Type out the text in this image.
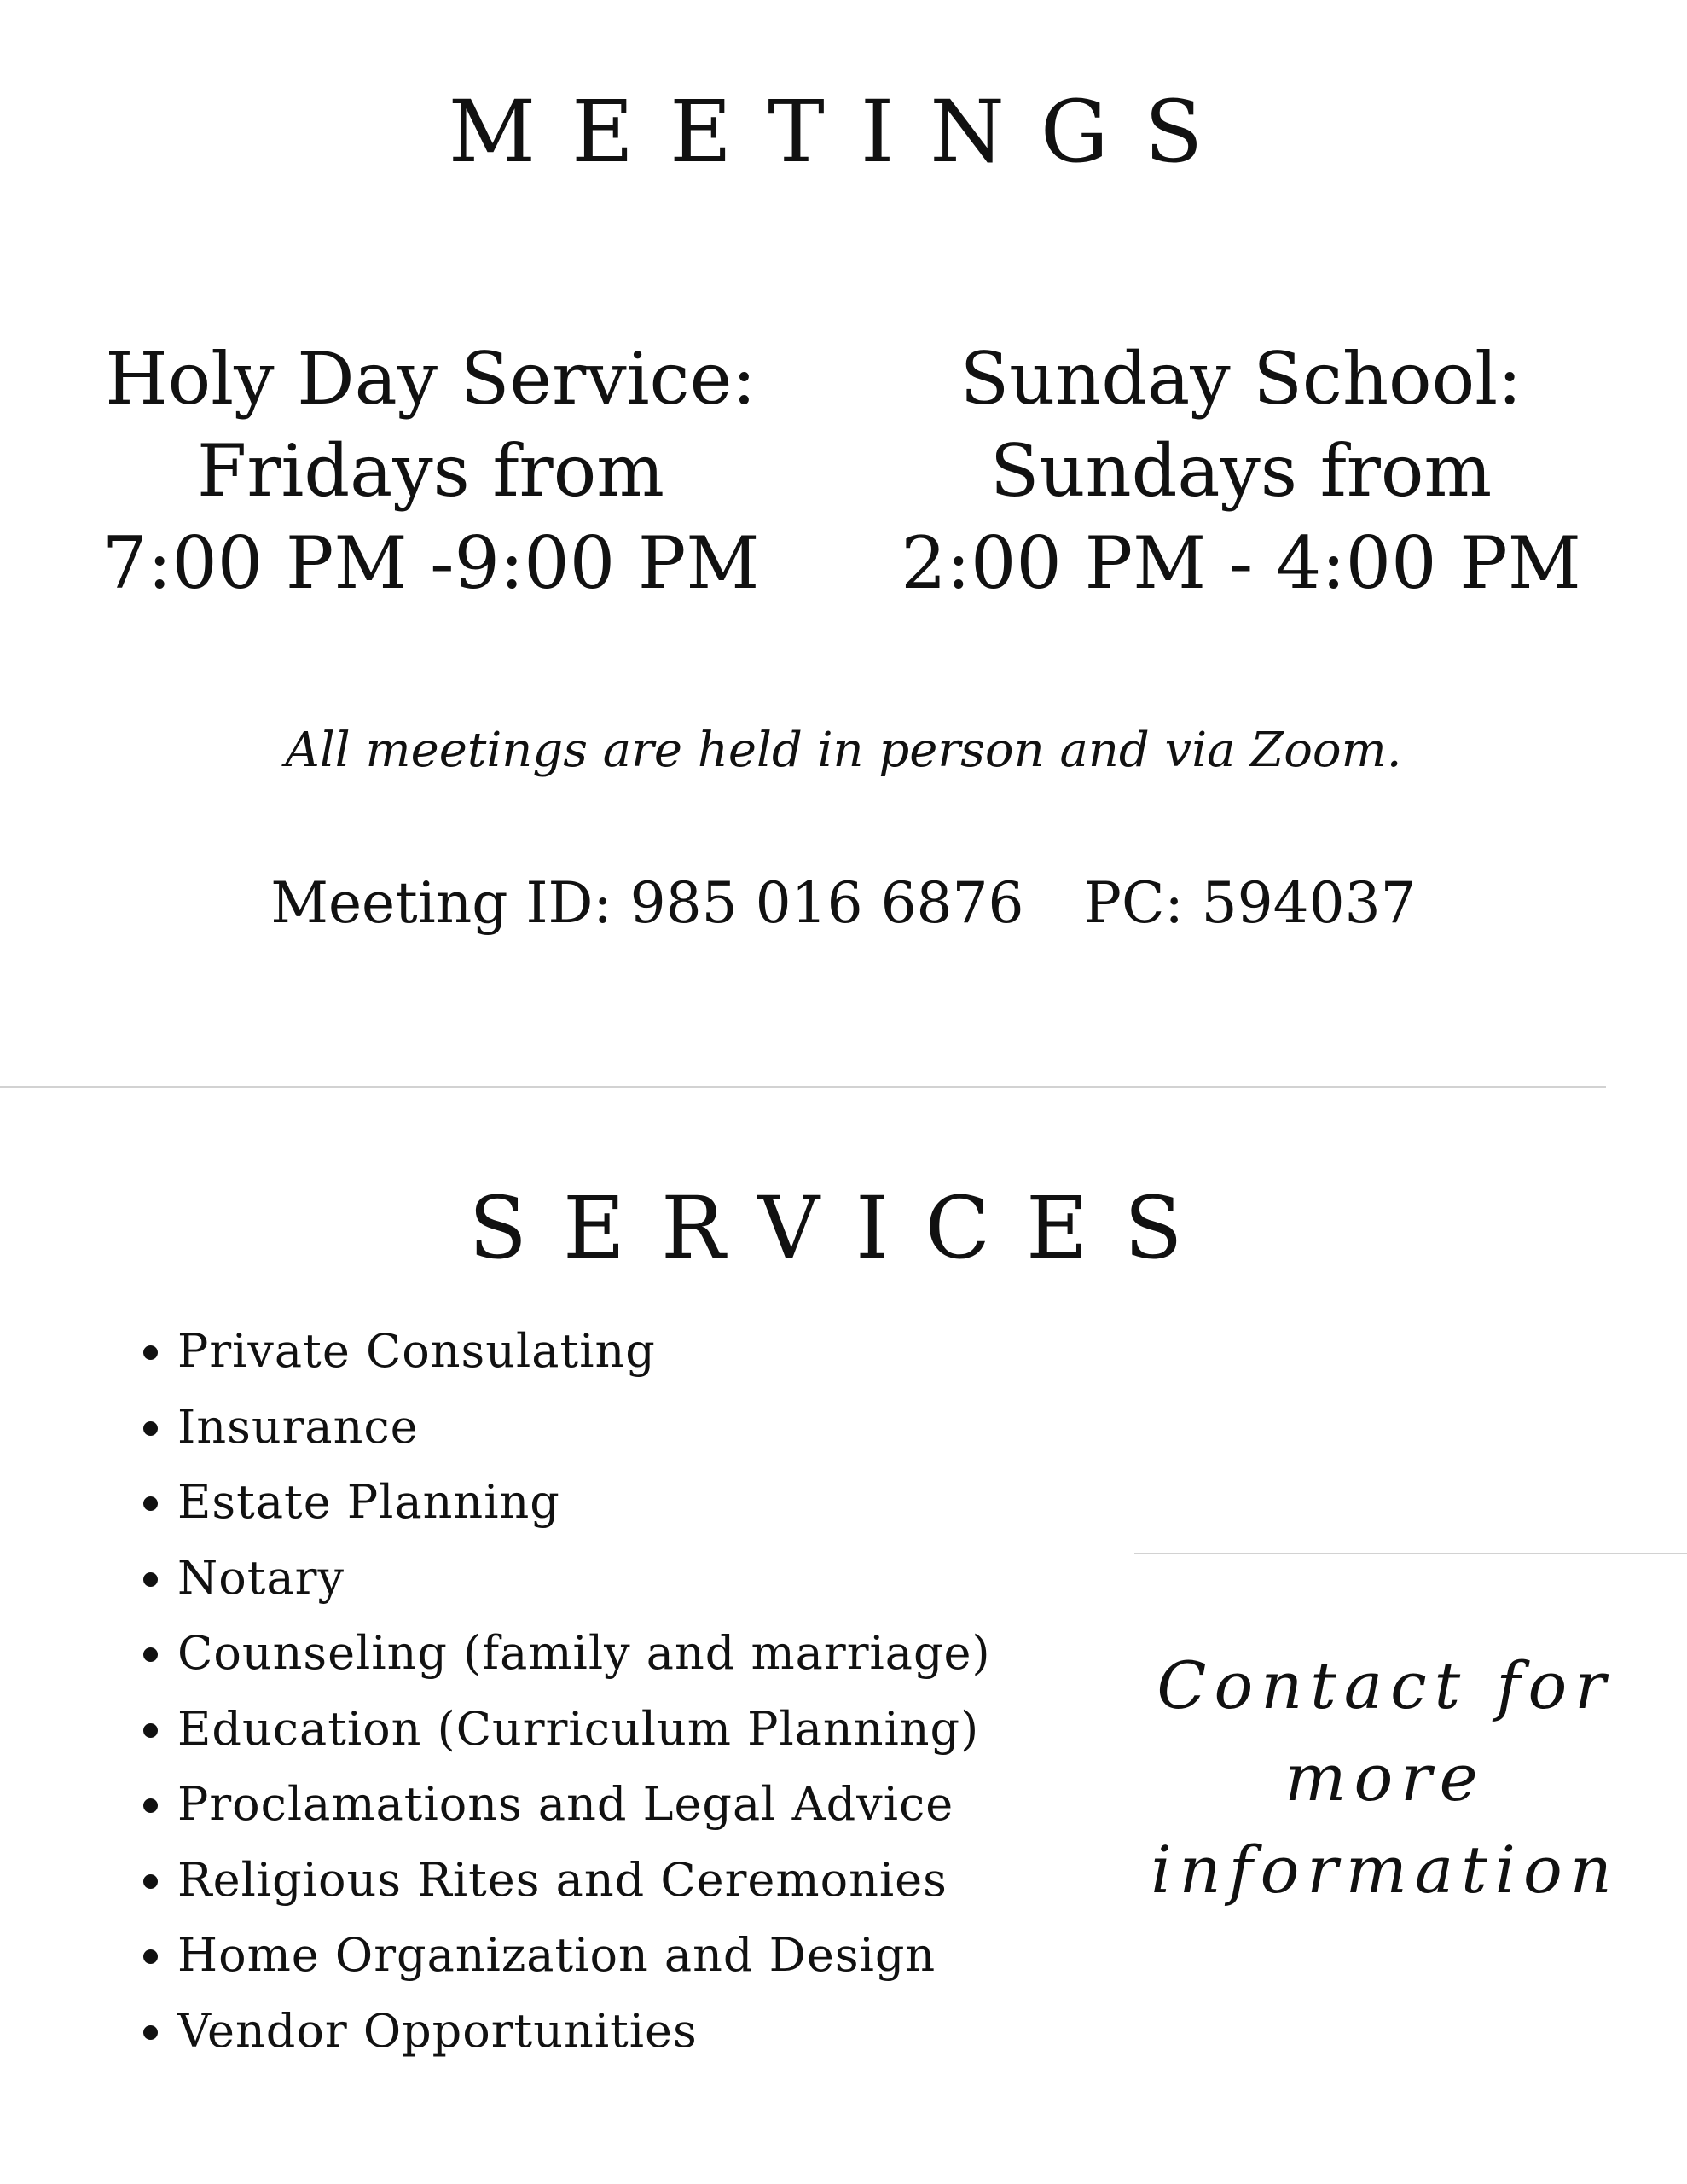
MEETINGS
Holy Day Service:
Fridays from
7:00 PM -9:00 PM
Sunday School:
Sundays from
2:00 PM - 4:00 PM
All meetings are held in person and via Zoom.
Meeting ID: 985 016 6876 PC: 594037
SERVICES
• Private Consulating
• Insurance
• Estate Planning
• Notary
• Counseling (family and marriage)
• Education (Curriculum Planning)
• Proclamations and Legal Advice
• Religious Rites and Ceremonies
• Home Organization and Design
• Vendor Opportunities
Contact for
more
information
